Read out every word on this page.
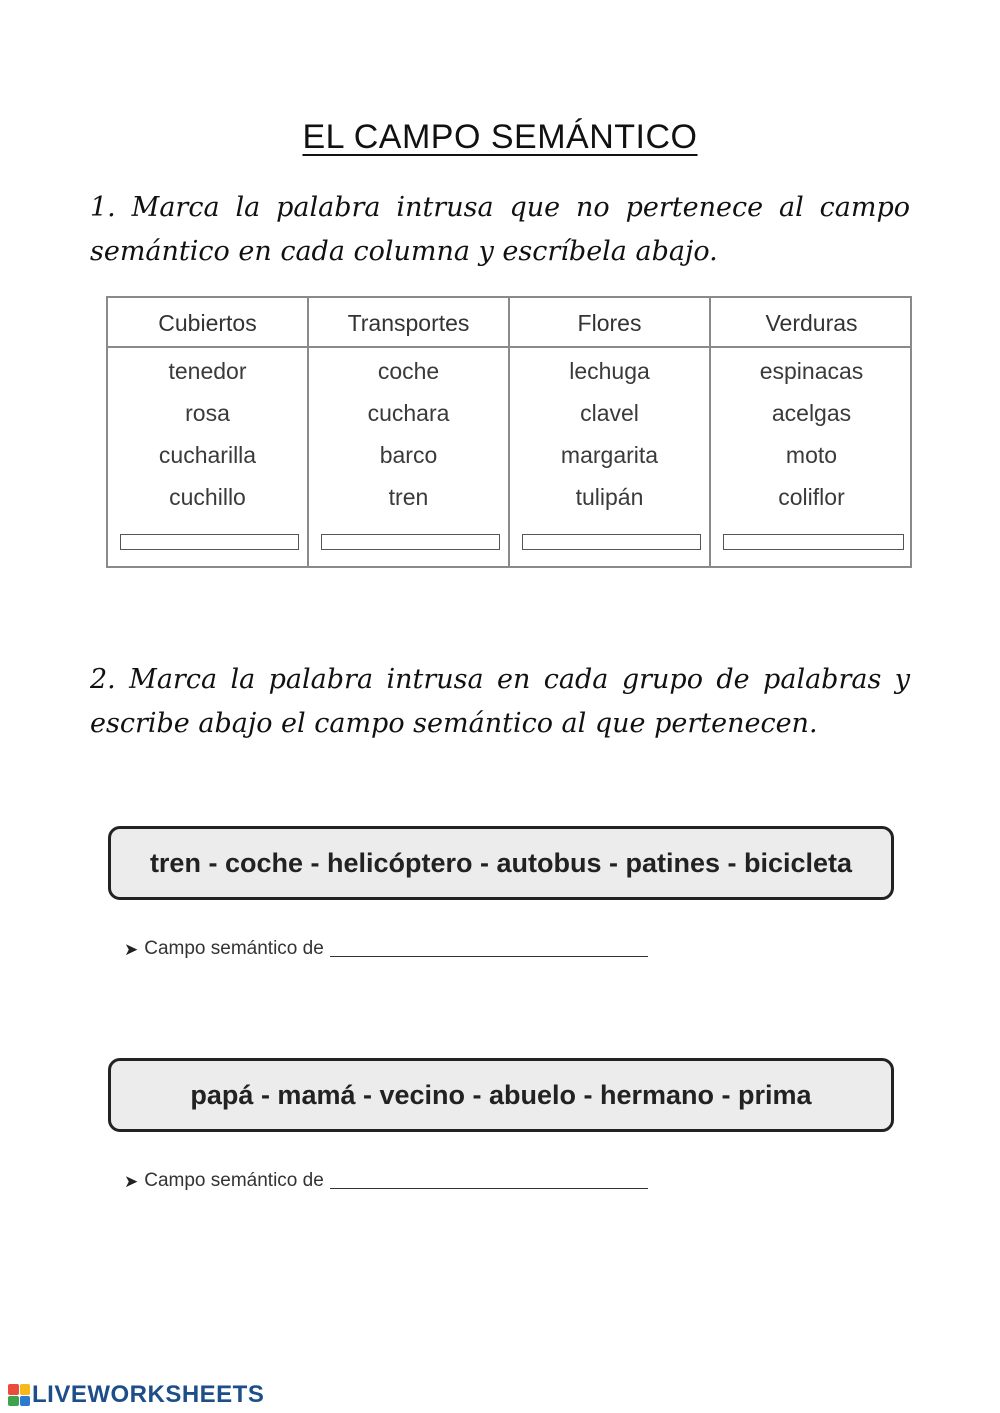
EL CAMPO SEMÁNTICO
1. Marca la palabra intrusa que no pertenece al campo semántico en cada columna y escríbela abajo.
Cubiertos
tenedor
rosa
cucharilla
cuchillo
Transportes
coche
cuchara
barco
tren
Flores
lechuga
clavel
margarita
tulipán
Verduras
espinacas
acelgas
moto
coliflor
2. Marca la palabra intrusa en cada grupo de palabras y escribe abajo el campo semántico al que pertenecen.
tren - coche - helicóptero - autobus - patines - bicicleta
➤ Campo semántico de
papá - mamá - vecino - abuelo - hermano - prima
➤ Campo semántico de
LIVEWORKSHEETS
